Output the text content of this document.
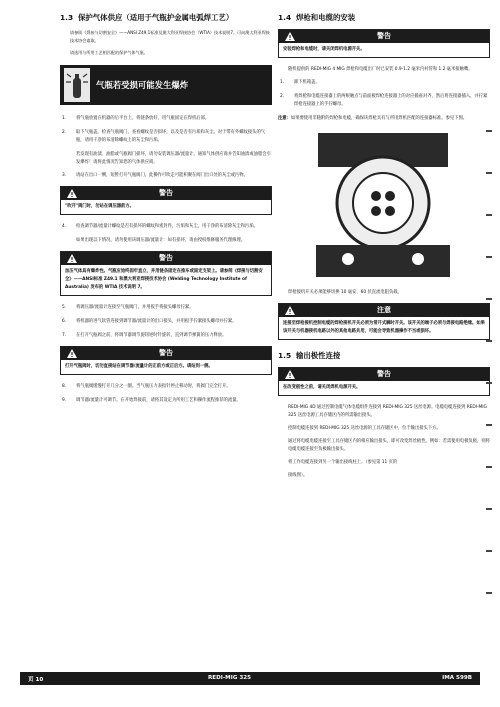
1.3 保护气体供应（适用于气瓶护金属电弧焊工艺）

请参阅《焊接与切割安全》——ANSI Z49.1标准及澳大利亚焊接协会（WTIA）技术说明7。可向澳大利亚焊接技术协会索取。

请选用与所用工艺相匹配的保护气体气瓶。

气瓶若受损可能发生爆炸
1. 将气瓶放置在机器的后平台上，将链条放好，用气瓶固定在焊机后部。
2. 取下气瓶盖。检查气瓶阀门，查看螺纹是否损坏，以及是否有污垢和灰尘。对于带有外螺纹接头的气瓶，请用干净的布清除螺纹上的灰尘和污垢。

若发现有油渍、油脂或气瓶阀门损坏，请勿安装调压器/流量计。通知气体供应商并告知油渍或油脂会引发爆炸！请将此情况告知您的气体供应商。

3. 请站在出口一侧，短暂打开气瓶阀门。此操作可吹走可能积聚在阀门出口处的灰尘或污物。
警告
"吹开"阀门时，勿站在调压器前方。
4. 检查调节器/流量计螺纹是否有损坏的螺纹和密封件，污垢和灰尘。用干净的布清除灰尘和污垢。

如果出现以下情况，请勿使用该调压器/流量计：如有损坏，请由授权维修服务代理修理。

警告
加压气体具有爆炸性。气瓶应始终固牢直立，并用链条固定在推车或固定支架上。请参阅《焊接与切割安全》——ANSI标准 Z49.1 和澳大利亚焊接技术协会 (Welding Technology Institute of Australia) 发布的 WTIA 技术说明 7。
5. 将调压器/流量计连接至气瓶阀门，并用扳手将接头螺母拧紧。
6. 将机器的进气软管连接到调节器/流量计的出口接头，并用扳手拧紧接头螺母并拧紧。
7. 在打开气瓶阀之前，将调节器调节旋钮逆时针旋转，直到调节弹簧的压力释放。
警告
打开气瓶阀时，切勿直接站在调节器/流量计的正前方或正后方。请站到一侧。
8. 将气瓶阀缓慢打开几分之一圈。当气瓶压力表指针停止移动时，将阀门完全打开。
9. 调节器/流量计可调节。在开始焊接前，请将其设定为所用工艺和操作流程推荐的流量。
1.4 焊枪和电缆的安装
警告
安装焊枪和电缆时，请关闭焊机电源开关。

随机提供的 REDI-MIG 4 MIG 焊枪和电缆出厂时已安装 0.9-1.2 毫米内衬管和 1.2 毫米接触嘴。

1. 卸下机箱盖。
2. 将焊枪和电缆连接器上的两根触点与前面板焊枪连接器上的对应插座对齐，然后将连接器插入，并拧紧焊枪连接器上的手拧螺母。

注意：如果要使用非随附的焊枪和电缆，确保该焊枪具有与所用焊机匹配的连接器标准。参见下图。

焊枪接机开关必须能够切换 10 毫安、60 伏直流电阻负载。

注意
连接至焊枪接机控制电缆的焊枪接机开关必须为常开式瞬时开关。该开关的端子必须与焊接电路绝缘。如果该开关与机器接机电路以外的其他电路共用，可能会导致机器操作不当或损坏。
1.5 输出极性连接
警告
在改变极性之前，请关闭焊机电源开关。

REDI-MIG 4D 通过控制电缆气体电缆组件连接到 REDI-MIG 325 送丝电源。电缆电缆连接到 REDI-MIG 325 送丝电源工具存储区内的所需输出接头。

控制电缆连接到 REDI-MIG 325 送丝电源的工具存储区中，位于输出接头下方。

通过将电缆电缆连接至工具存储区内的相应输出接头，即可改变焊丝极性。例如：若需使用电极负极，则将电缆电缆连接至负极输出接头。

将工作电缆连接到另一个输出接线柱上。（参见第 11 页的

接线图）。

页 10	REDI-MIG 325	IMA 599B
